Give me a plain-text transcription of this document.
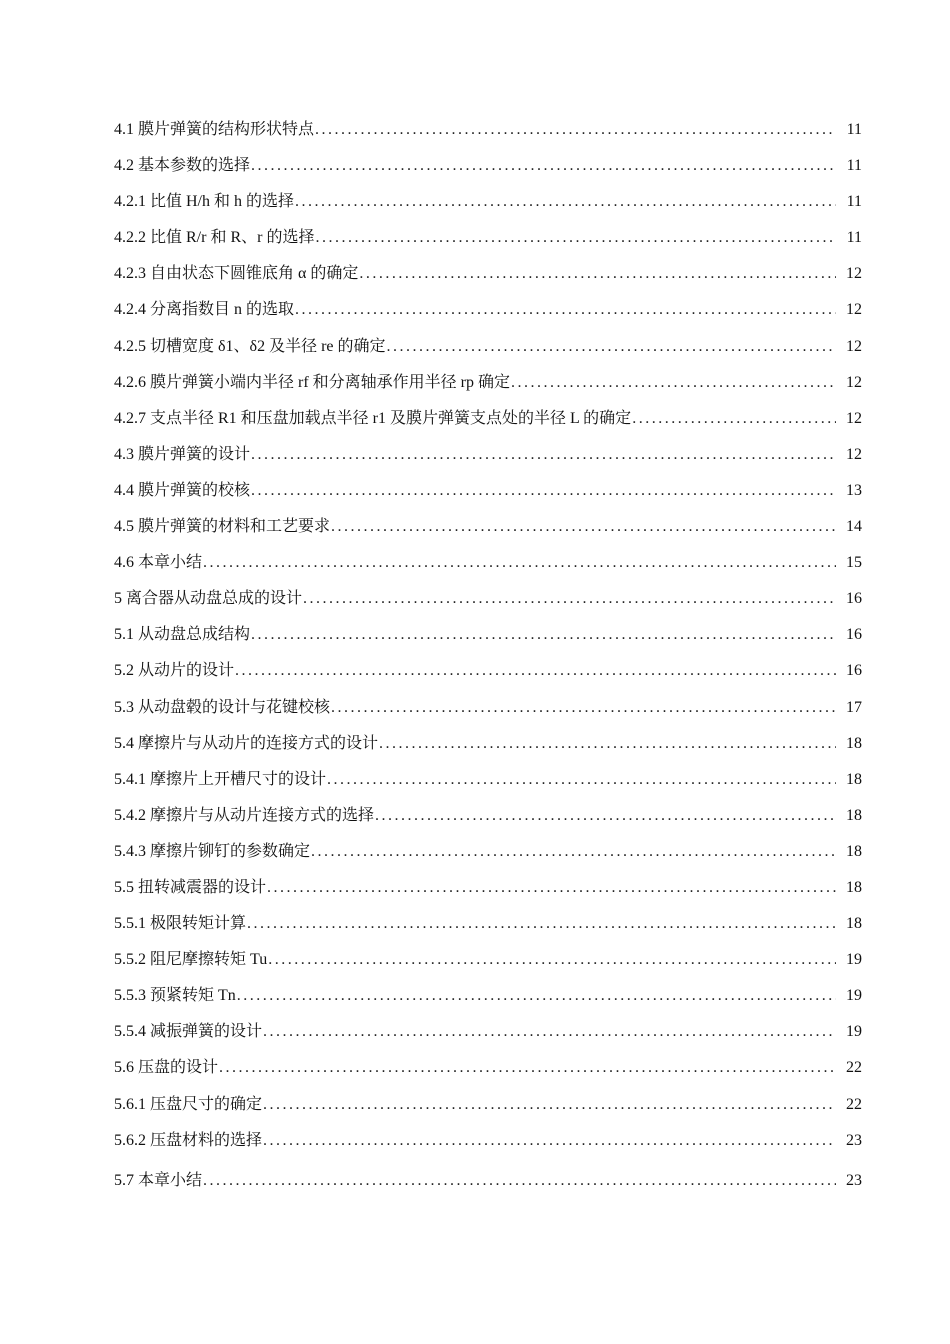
4.1 膜片弹簧的结构形状特点 .....	11
4.2 基本参数的选择 .....	11
4.2.1 比值 H/h 和 h 的选择 .....	11
4.2.2 比值 R/r 和 R、r 的选择 .....	11
4.2.3 自由状态下圆锥底角 α 的确定 .....	12
4.2.4 分离指数目 n 的选取 .....	12
4.2.5 切槽宽度 δ1、δ2 及半径 re 的确定 .....	12
4.2.6 膜片弹簧小端内半径 rf 和分离轴承作用半径 rp 确定 .....	12
4.2.7 支点半径 R1 和压盘加载点半径 r1 及膜片弹簧支点处的半径 L 的确定 .....	12
4.3 膜片弹簧的设计 .....	12
4.4 膜片弹簧的校核 .....	13
4.5 膜片弹簧的材料和工艺要求 .....	14
4.6 本章小结 .....	15
5 离合器从动盘总成的设计 .....	16
5.1 从动盘总成结构 .....	16
5.2 从动片的设计 .....	16
5.3 从动盘毂的设计与花键校核 .....	17
5.4 摩擦片与从动片的连接方式的设计 .....	18
5.4.1 摩擦片上开槽尺寸的设计 .....	18
5.4.2 摩擦片与从动片连接方式的选择 .....	18
5.4.3 摩擦片铆钉的参数确定 .....	18
5.5 扭转减震器的设计 .....	18
5.5.1 极限转矩计算 .....	18
5.5.2 阻尼摩擦转矩 Tu .....	19
5.5.3 预紧转矩 Tn .....	19
5.5.4 减振弹簧的设计 .....	19
5.6 压盘的设计 .....	22
5.6.1 压盘尺寸的确定 .....	22
5.6.2 压盘材料的选择 .....	23
5.7 本章小结 .....	23
